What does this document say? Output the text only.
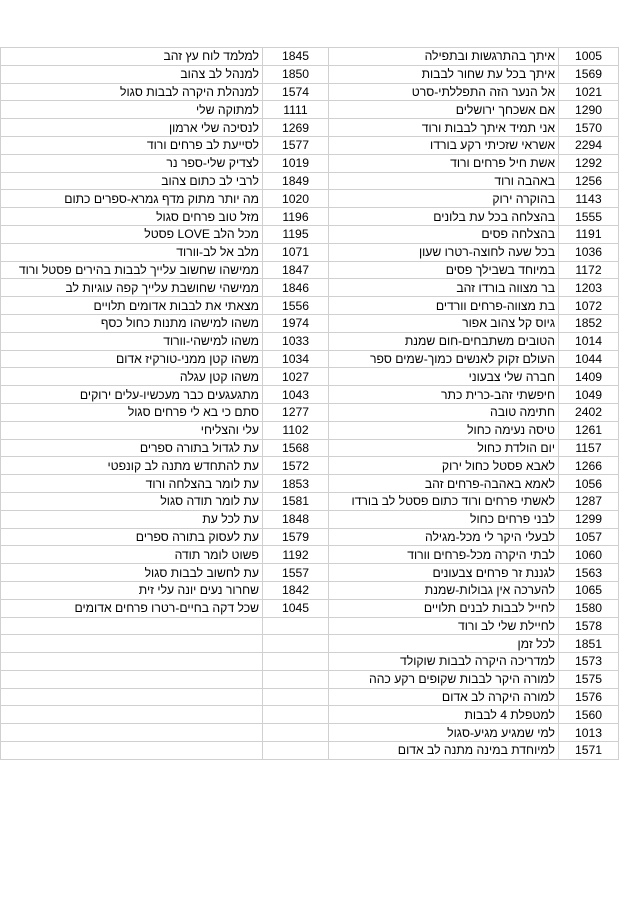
למלמד לוח עץ זהב	1845	איתך בהתרגשות ובתפילה	1005
למנהל לב צהוב	1850	איתך בכל עת שחור לבבות	1569
למנהלת היקרה לבבות סגול	1574	אל הנער הזה התפללתי-סרט	1021
למתוקה שלי	1111	אם אשכחך ירושלים	1290
לנסיכה שלי ארמון	1269	אני תמיד איתך לבבות ורוד	1570
לסייעת לב פרחים ורוד	1577	אשראי שזכיתי רקע בורדו	2294
לצדיק שלי-ספר נר	1019	אשת חיל פרחים ורוד	1292
לרבי לב כתום צהוב	1849	באהבה ורוד	1256
מה יותר מתוק מדף גמרא-ספרים כתום	1020	בהוקרה ירוק	1143
מזל טוב פרחים סגול	1196	בהצלחה בכל עת בלונים	1555
מכל הלב LOVE פסטל	1195	בהצלחה פסים	1191
מלב אל לב-וורוד	1071	בכל שעה לחוצה-רטרו שעון	1036
ממישהו שחשוב עלייך לבבות בהירים פסטל ורוד	1847	במיוחד בשבילך פסים	1172
ממישהי שחושבת עלייך קפה עוגיות לב	1846	בר מצווה בורדו זהב	1203
מצאתי את לבבות אדומים תלויים	1556	בת מצווה-פרחים וורדים	1072
משהו למישהו מתנות כחול כסף	1974	גיוס קל צהוב אפור	1852
משהו למישהי-וורוד	1033	הטובים משתבחים-חום שמנת	1014
משהו קטן ממני-טורקיז אדום	1034	העולם זקוק לאנשים כמוך-שמים ספר	1044
משהו קטן עגלה	1027	חברה שלי צבעוני	1409
מתגעגעים כבר מעכשיו-עלים ירוקים	1043	חיפשתי זהב-כרית כתר	1049
סתם כי בא לי פרחים סגול	1277	חתימה טובה	2402
עלי והצליחי	1102	טיסה נעימה כחול	1261
עת לגדול בתורה ספרים	1568	יום הולדת כחול	1157
עת להתחדש מתנה לב קונפטי	1572	לאבא פסטל כחול ירוק	1266
עת לומר בהצלחה ורוד	1853	לאמא באהבה-פרחים זהב	1056
עת לומר תודה סגול	1581	לאשתי פרחים ורוד כתום פסטל לב בורדו	1287
עת לכל עת	1848	לבני פרחים כחול	1299
עת לעסוק בתורה ספרים	1579	לבעלי היקר לי מכל-מגילה	1057
פשוט לומר תודה	1192	לבתי היקרה מכל-פרחים וורוד	1060
עת לחשוב לבבות סגול	1557	לגננת זר פרחים צבעונים	1563
שחרור נעים יונה עלי זית	1842	להערכה אין גבולות-שמנת	1065
שכל דקה בחיים-רטרו פרחים אדומים	1045	לחייל לבבות לבנים תלויים	1580
		לחיילת שלי לב ורוד	1578
		לכל זמן	1851
		למדריכה היקרה לבבות שוקולד	1573
		למורה היקר לבבות שקופים רקע כהה	1575
		למורה היקרה לב אדום	1576
		למטפלת 4 לבבות	1560
		למי שמגיע מגיע-סגול	1013
		למיוחדת במינה מתנה לב אדום	1571
